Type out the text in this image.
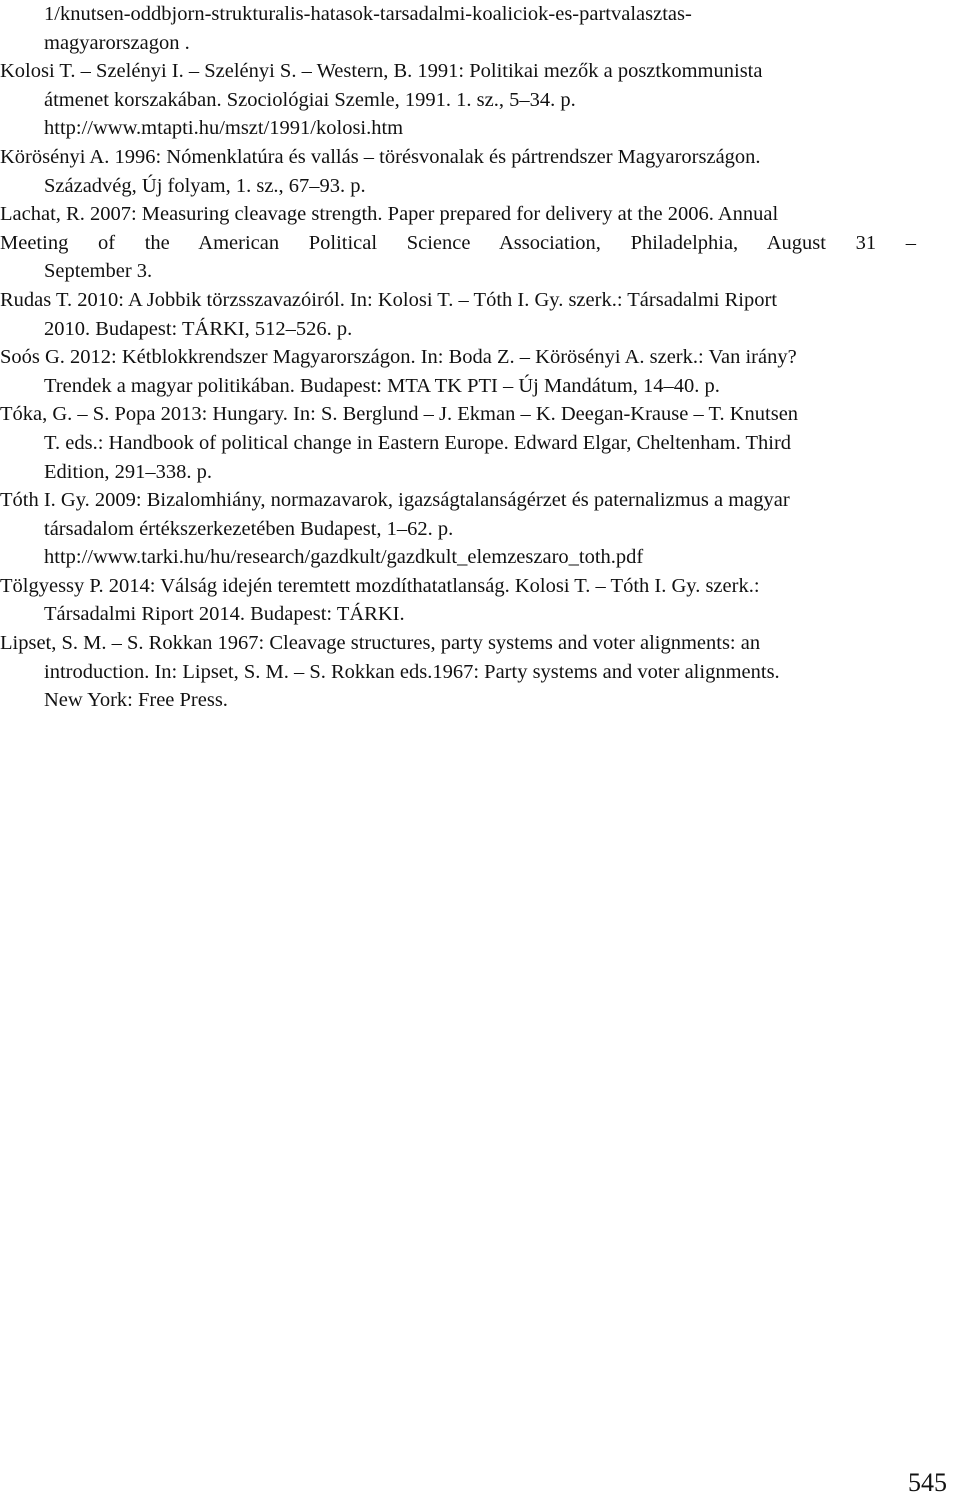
1/knutsen-oddbjorn-strukturalis-hatasok-tarsadalmi-koaliciok-es-partvalasztas-
magyarorszagon .

Kolosi T. – Szelényi I. – Szelényi S. – Western, B. 1991: Politikai mezők a posztkommunista
átmenet korszakában. Szociológiai Szemle, 1991. 1. sz., 5–34. p.
http://www.mtapti.hu/mszt/1991/kolosi.htm

Körösényi A. 1996: Nómenklatúra és vallás – törésvonalak és pártrendszer Magyarországon.
Századvég, Új folyam, 1. sz., 67–93. p.

Lachat, R. 2007: Measuring cleavage strength. Paper prepared for delivery at the 2006. Annual
Meeting of the American Political Science Association, Philadelphia, August 31 –
September 3.

Rudas T. 2010: A Jobbik törzsszavazóiról. In: Kolosi T. – Tóth I. Gy. szerk.: Társadalmi Riport
2010. Budapest: TÁRKI, 512–526. p.

Soós G. 2012: Kétblokkrendszer Magyarországon. In: Boda Z. – Körösényi A. szerk.: Van irány?
Trendek a magyar politikában. Budapest: MTA TK PTI – Új Mandátum, 14–40. p.

Tóka, G. – S. Popa 2013: Hungary. In: S. Berglund – J. Ekman – K. Deegan-Krause – T. Knutsen
T. eds.: Handbook of political change in Eastern Europe. Edward Elgar, Cheltenham. Third
Edition, 291–338. p.

Tóth I. Gy. 2009: Bizalomhiány, normazavarok, igazságtalanságérzet és paternalizmus a magyar
társadalom értékszerkezetében Budapest, 1–62. p.
http://www.tarki.hu/hu/research/gazdkult/gazdkult_elemzeszaro_toth.pdf

Tölgyessy P. 2014: Válság idején teremtett mozdíthatatlanság. Kolosi T. – Tóth I. Gy. szerk.:
Társadalmi Riport 2014. Budapest: TÁRKI.

Lipset, S. M. – S. Rokkan 1967: Cleavage structures, party systems and voter alignments: an
introduction. In: Lipset, S. M. – S. Rokkan eds.1967: Party systems and voter alignments.
New York: Free Press.

545
